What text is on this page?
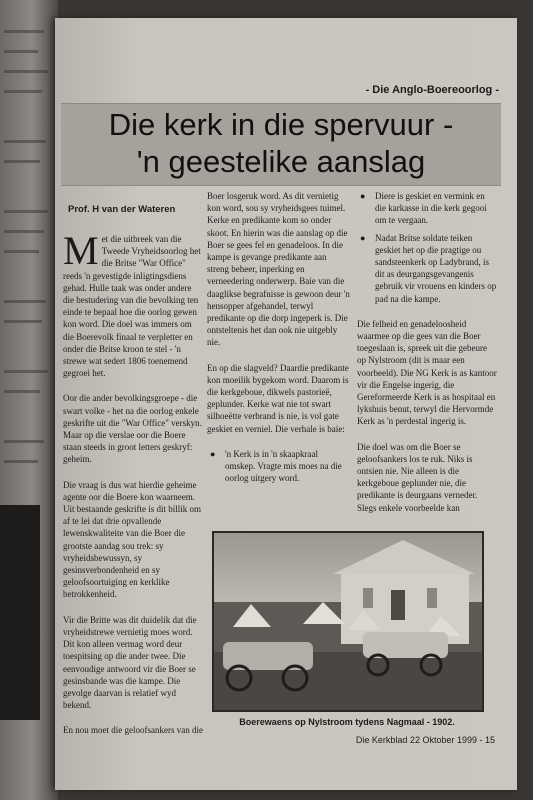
- Die Anglo-Boereoorlog -
Die kerk in die spervuur -
'n geestelike aanslag
Prof. H van der Wateren

Met die uitbreek van die Tweede Vryheidsoorlog het die Britse "War Office" reeds 'n gevestigde inligtingsdiens gehad. Hulle taak was onder andere die bestudering van die bevolking ten einde te bepaal hoe die oorlog gewen kon word. Die doel was immers om die Boerevolk finaal te verpletter en onder die Britse kroon te stel - 'n strewe wat sedert 1806 toenemend gegroei het.

Oor die ander bevolkingsgroepe - die swart volke - het na die oorlog enkele geskrifte uit die "War Office" verskyn. Maar op die verslae oor die Boere staan steeds in groot letters geskryf: geheim.

Die vraag is dus wat hierdie geheime agente oor die Boere kon waarneem. Uit bestaande geskrifte is dit billik om af te lei dat drie opvallende lewenskwaliteite van die Boer die grootste aandag sou trek: sy vryheidsbewussyn, sy gesinsverbondenheid en sy geloofsoortuiging en kerklike betrokkenheid.

Vir die Britte was dit duidelik dat die vryheidstrewe vernietig moes word. Dit kon alleen vermag word deur toespitsing op die ander twee. Die eenvoudige antwoord vir die Boer se gesinsbande was die kampe. Die gevolge daarvan is relatief wyd bekend.

En nou moet die geloofsankers van die

Boer losgeruk word. As dit vernietig kon word, sou sy vryheidsgees tuimel. Kerke en predikante kom so onder skoot. En hierin was die aanslag op die Boer se gees fel en genadeloos. In die kampe is gevange predikante aan streng beheer, inperking en verneedering onderwerp. Baie van die daaglikse begrafnisse is gewoon deur 'n hensopper afgehandel, terwyl predikante op die dorp ingeperk is. Die ontsteltenis het dan ook nie uitgebly nie.

En op die slagveld? Daardie predikante kon moeilik bygekom word. Daarom is die kerkgeboue, dikwels pastorieë, geplunder. Kerke wat nie tot swart silhoeëtte verbrand is nie, is vol gate geskiet en verniel. Die verhale is baie:

● 'n Kerk is in 'n skaapkraal omskep. Vragte mis moes na die oorlog uitgery word.
● Diere is geskiet en vermink en die karkasse in die kerk gegooi om te vergaan.
● Nadat Britse soldate teiken geskiet het op die pragtige ou sandsteenkerk op Ladybrand, is dit as deurgangsgevangenis gebruik vir vrouens en kinders op pad na die kampe.

Die felheid en genadeloosheid waarmee op die gees van die Boer toegeslaan is, spreek uit die gebeure op Nylstroom (dit is maar een voorbeeld). Die NG Kerk is as kantoor vir die Engelse ingerig, die Gereformeerde Kerk is as hospitaal en lykshuis benut, terwyl die Hervormde Kerk as 'n perdestal ingerig is.

Die doel was om die Boer se geloofsankers los te ruk. Niks is ontsien nie. Nie alleen is die kerkgeboue geplunder nie, die predikante is deurgaans verneder. Slegs enkele voorbeelde kan

Boerewaens op Nylstroom tydens Nagmaal - 1902.
Die Kerkblad 22 Oktober 1999 - 15
